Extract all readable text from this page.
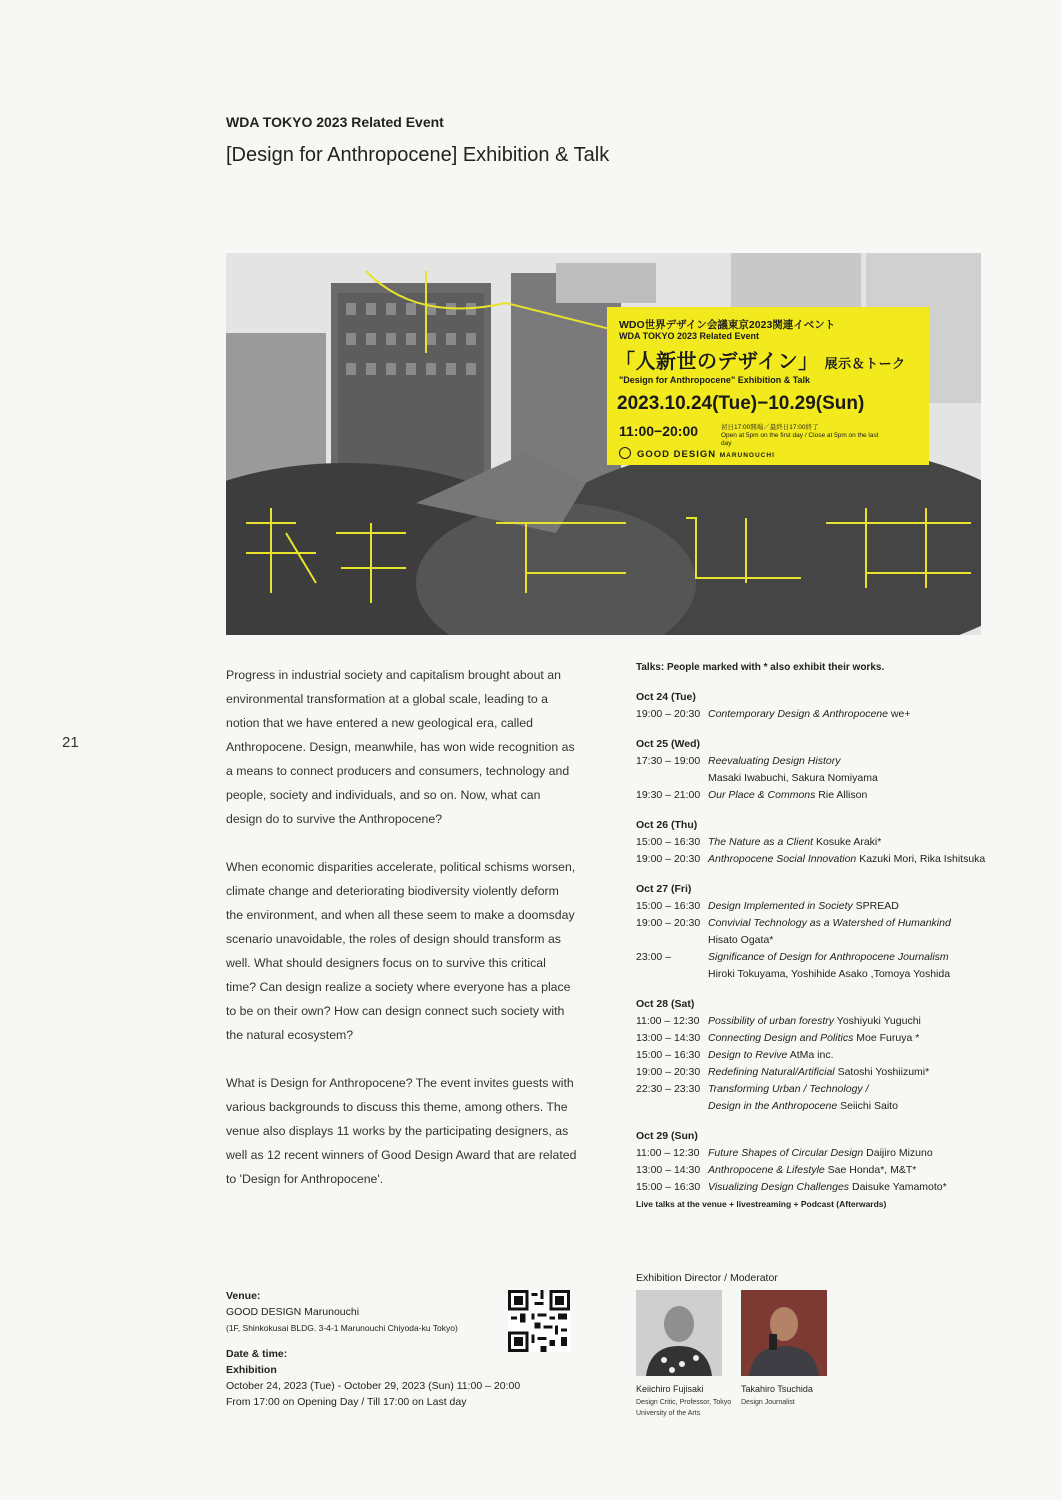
WDA TOKYO 2023 Related Event
[Design for Anthropocene] Exhibition & Talk
21
WDO世界デザイン会議東京2023関連イベント
WDA TOKYO 2023 Related Event
「人新世のデザイン」 展示＆トーク
"Design for Anthropocene" Exhibition & Talk
2023.10.24(Tue)−10.29(Sun)
11:00−20:00	初日17:00開場／最終日17:00終了
Open at 5pm on the first day / Close at 5pm on the last day
GOOD DESIGN MARUNOUCHI

Progress in industrial society and capitalism brought about an environmental transformation at a global scale, leading to a notion that we have entered a new geological era, called Anthropocene. Design, meanwhile, has won wide recognition as a means to connect producers and consumers, technology and people, society and individuals, and so on. Now, what can design do to survive the Anthropocene?

When economic disparities accelerate, political schisms worsen, climate change and deteriorating biodiversity violently deform the environment, and when all these seem to make a doomsday scenario unavoidable, the roles of design should transform as well. What should designers focus on to survive this critical time? Can design realize a society where everyone has a place to be on their own? How can design connect such society with the natural ecosystem?

What is Design for Anthropocene? The event invites guests with various backgrounds to discuss this theme, among others. The venue also displays 11 works by the participating designers, as well as 12 recent winners of Good Design Award that are related to 'Design for Anthropocene'.

Talks: People marked with * also exhibit their works.
Oct 24 (Tue)
19:00 – 20:30 Contemporary Design & Anthropocene we+
Oct 25 (Wed)
17:30 – 19:00 Reevaluating Design History
Masaki Iwabuchi, Sakura Nomiyama
19:30 – 21:00 Our Place & Commons Rie Allison
Oct 26 (Thu)
15:00 – 16:30 The Nature as a Client Kosuke Araki*
19:00 – 20:30 Anthropocene Social Innovation Kazuki Mori, Rika Ishitsuka
Oct 27 (Fri)
15:00 – 16:30 Design Implemented in Society SPREAD
19:00 – 20:30 Convivial Technology as a Watershed of Humankind
Hisato Ogata*
23:00 –	Significance of Design for Anthropocene Journalism
Hiroki Tokuyama, Yoshihide Asako ,Tomoya Yoshida
Oct 28 (Sat)
11:00 – 12:30 Possibility of urban forestry Yoshiyuki Yuguchi
13:00 – 14:30 Connecting Design and Politics Moe Furuya *
15:00 – 16:30 Design to Revive AtMa inc.
19:00 – 20:30 Redefining Natural/Artificial Satoshi Yoshiizumi*
22:30 – 23:30 Transforming Urban / Technology /
Design in the Anthropocene Seiichi Saito
Oct 29 (Sun)
11:00 – 12:30 Future Shapes of Circular Design Daijiro Mizuno
13:00 – 14:30 Anthropocene & Lifestyle Sae Honda*, M&T*
15:00 – 16:30 Visualizing Design Challenges Daisuke Yamamoto*
Live talks at the venue + livestreaming + Podcast (Afterwards)
Venue:
GOOD DESIGN Marunouchi
(1F, Shinkokusai BLDG. 3-4-1 Marunouchi Chiyoda-ku Tokyo)
Date & time:
Exhibition
October 24, 2023 (Tue) - October 29, 2023 (Sun) 11:00 – 20:00
From 17:00 on Opening Day / Till 17:00 on Last day
Exhibition Director / Moderator
Keiichiro Fujisaki
Design Critic, Professor, Tokyo University of the Arts
Takahiro Tsuchida
Design Journalist
